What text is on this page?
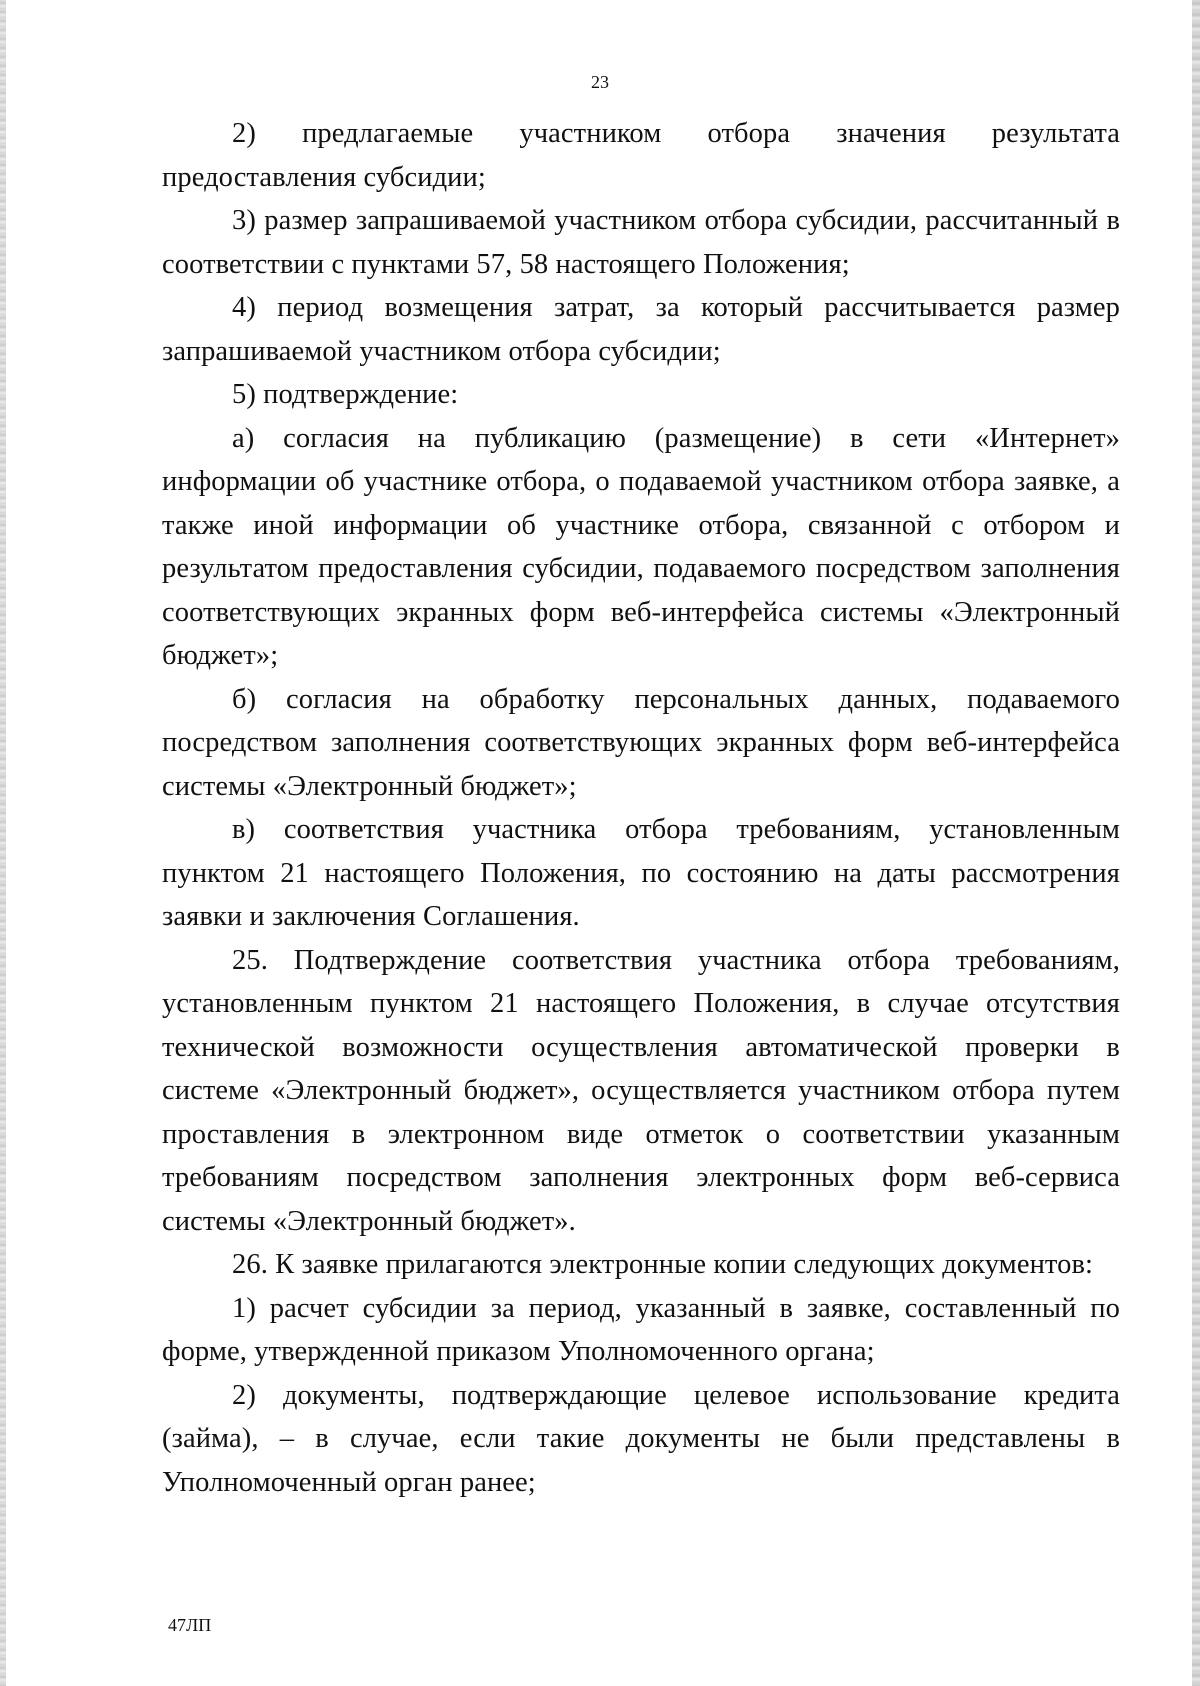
23

2) предлагаемые участником отбора значения результата предоставления субсидии;

3) размер запрашиваемой участником отбора субсидии, рассчитанный в соответствии с пунктами 57, 58 настоящего Положения;

4) период возмещения затрат, за который рассчитывается размер запрашиваемой участником отбора субсидии;

5) подтверждение:

а) согласия на публикацию (размещение) в сети «Интернет» информации об участнике отбора, о подаваемой участником отбора заявке, а также иной информации об участнике отбора, связанной с отбором и результатом предоставления субсидии, подаваемого посредством заполнения соответствующих экранных форм веб-интерфейса системы «Электронный бюджет»;

б) согласия на обработку персональных данных, подаваемого посредством заполнения соответствующих экранных форм веб-интерфейса системы «Электронный бюджет»;

в) соответствия участника отбора требованиям, установленным пунктом 21 настоящего Положения, по состоянию на даты рассмотрения заявки и заключения Соглашения.

25. Подтверждение соответствия участника отбора требованиям, установленным пунктом 21 настоящего Положения, в случае отсутствия технической возможности осуществления автоматической проверки в системе «Электронный бюджет», осуществляется участником отбора путем проставления в электронном виде отметок о соответствии указанным требованиям посредством заполнения электронных форм веб-сервиса системы «Электронный бюджет».

26. К заявке прилагаются электронные копии следующих документов:

1) расчет субсидии за период, указанный в заявке, составленный по форме, утвержденной приказом Уполномоченного органа;

2) документы, подтверждающие целевое использование кредита (займа), – в случае, если такие документы не были представлены в Уполномоченный орган ранее;

47ЛП
